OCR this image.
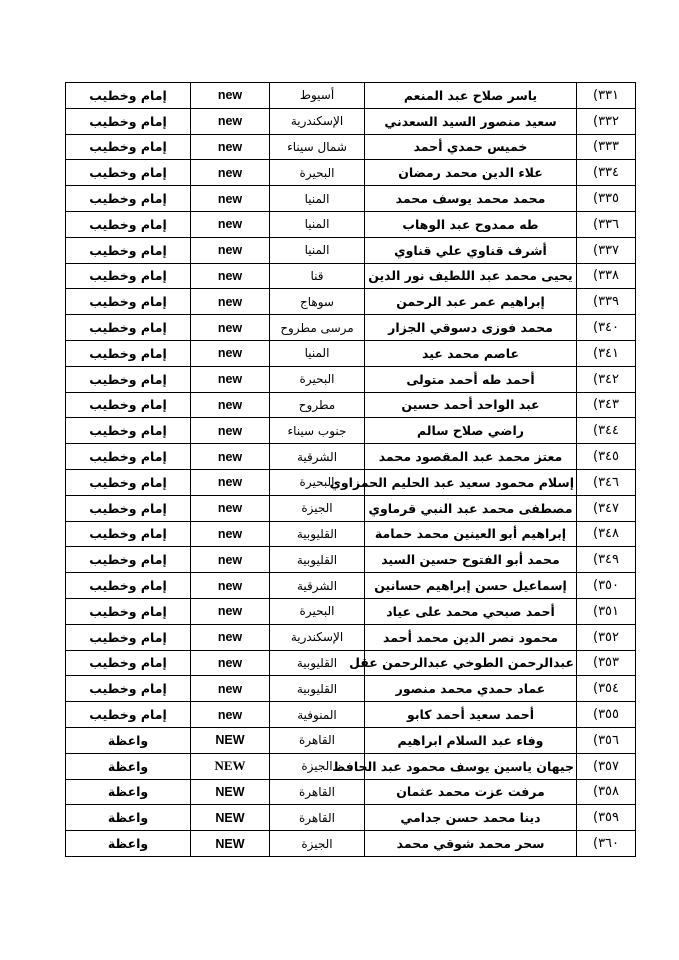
٣٣١)	ياسر صلاح عبد المنعم	أسيوط	new	إمام وخطيب
٣٣٢)	سعيد منصور السيد السعدني	الإسكندرية	new	إمام وخطيب
٣٣٣)	خميس حمدي أحمد	شمال سيناء	new	إمام وخطيب
٣٣٤)	علاء الدين محمد رمضان	البحيرة	new	إمام وخطيب
٣٣٥)	محمد محمد يوسف محمد	المنيا	new	إمام وخطيب
٣٣٦)	طه ممدوح عبد الوهاب	المنيا	new	إمام وخطيب
٣٣٧)	أشرف قناوي علي قناوي	المنيا	new	إمام وخطيب
٣٣٨)	يحيى محمد عبد اللطيف نور الدين	قنا	new	إمام وخطيب
٣٣٩)	إبراهيم عمر عبد الرحمن	سوهاج	new	إمام وخطيب
٣٤٠)	محمد فوزى دسوقي الجزار	مرسى مطروح	new	إمام وخطيب
٣٤١)	عاصم محمد عيد	المنيا	new	إمام وخطيب
٣٤٢)	أحمد طه أحمد متولى	البحيرة	new	إمام وخطيب
٣٤٣)	عبد الواحد أحمد حسين	مطروح	new	إمام وخطيب
٣٤٤)	راضي صلاح سالم	جنوب سيناء	new	إمام وخطيب
٣٤٥)	معتز محمد عبد المقصود محمد	الشرقية	new	إمام وخطيب
٣٤٦)	إسلام محمود سعيد عبد الحليم الحمزاوي	البحيرة	new	إمام وخطيب
٣٤٧)	مصطفى محمد عبد النبي قرماوي	الجيزة	new	إمام وخطيب
٣٤٨)	إبراهيم أبو العينين محمد حمامة	القليوبية	new	إمام وخطيب
٣٤٩)	محمد أبو الفتوح حسين السيد	القليوبية	new	إمام وخطيب
٣٥٠)	إسماعيل حسن إبراهيم حسانين	الشرقية	new	إمام وخطيب
٣٥١)	أحمد صبحي محمد على عياد	البحيرة	new	إمام وخطيب
٣٥٢)	محمود نصر الدين محمد أحمد	الإسكندرية	new	إمام وخطيب
٣٥٣)	عبدالرحمن الطوخي عبدالرحمن عقل	القليوبية	new	إمام وخطيب
٣٥٤)	عماد حمدي محمد منصور	القليوبية	new	إمام وخطيب
٣٥٥)	أحمد سعيد أحمد كابو	المنوفية	new	إمام وخطيب
٣٥٦)	وفاء عبد السلام ابراهيم	القاهرة	NEW	واعظة
٣٥٧)	جيهان ياسين يوسف محمود عبد الحافظ	الجيزة	NEW	واعظة
٣٥٨)	مرفت عزت محمد عثمان	القاهرة	NEW	واعظة
٣٥٩)	دينا محمد حسن جدامي	القاهرة	NEW	واعظة
٣٦٠)	سحر محمد شوقي محمد	الجيزة	NEW	واعظة
